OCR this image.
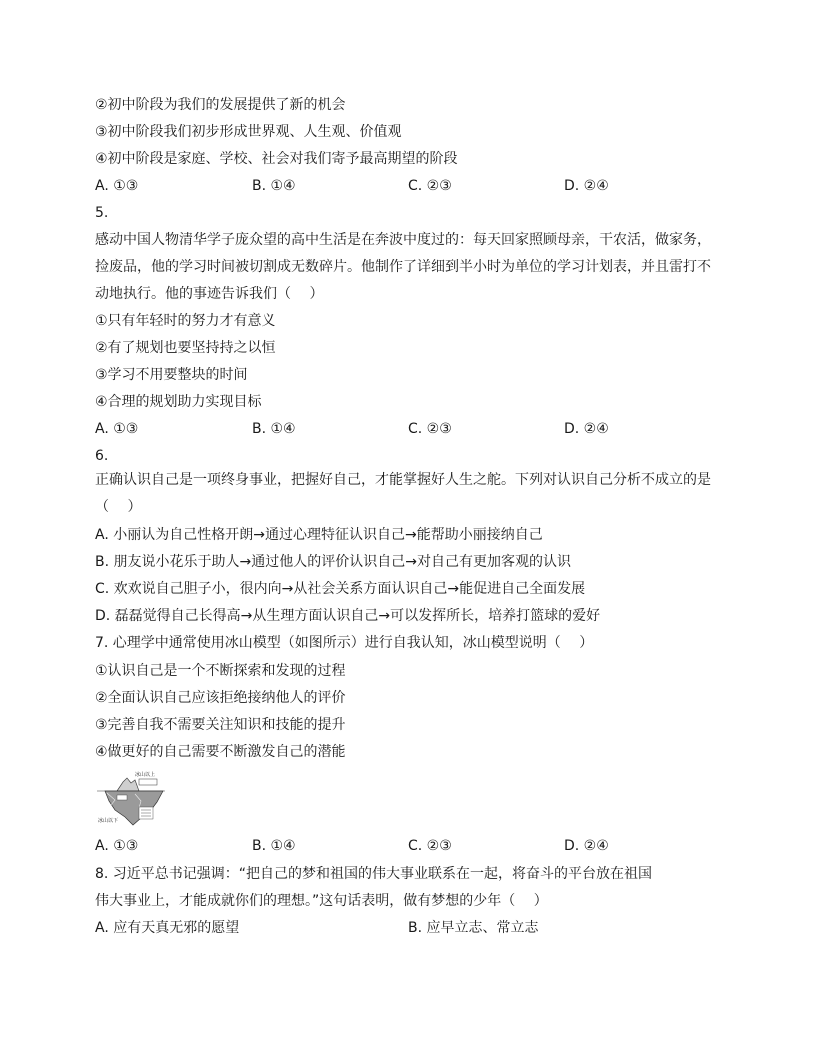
②初中阶段为我们的发展提供了新的机会
③初中阶段我们初步形成世界观、人生观、价值观
④初中阶段是家庭、学校、社会对我们寄予最高期望的阶段
A. ①③	B. ①④	C. ②③	D. ②④
5.
感动中国人物清华学子庞众望的高中生活是在奔波中度过的：每天回家照顾母亲，干农活，做家务，
捡废品，他的学习时间被切割成无数碎片。他制作了详细到半小时为单位的学习计划表，并且雷打不
动地执行。他的事迹告诉我们（　 ）
①只有年轻时的努力才有意义
②有了规划也要坚持持之以恒
③学习不用要整块的时间
④合理的规划助力实现目标
A. ①③	B. ①④	C. ②③	D. ②④
6.
正确认识自己是一项终身事业，把握好自己，才能掌握好人生之舵。下列对认识自己分析不成立的是
（　 ）
A. 小丽认为自己性格开朗→通过心理特征认识自己→能帮助小丽接纳自己
B. 朋友说小花乐于助人→通过他人的评价认识自己→对自己有更加客观的认识
C. 欢欢说自己胆子小，很内向→从社会关系方面认识自己→能促进自己全面发展
D. 磊磊觉得自己长得高→从生理方面认识自己→可以发挥所长，培养打篮球的爱好
7. 心理学中通常使用冰山模型（如图所示）进行自我认知，冰山模型说明（　 ）
①认识自己是一个不断探索和发现的过程
②全面认识自己应该拒绝接纳他人的评价
③完善自我不需要关注知识和技能的提升
④做更好的自己需要不断激发自己的潜能
冰山以上
冰山以下
A. ①③	B. ①④	C. ②③	D. ②④
8. 习近平总书记强调：“把自己的梦和祖国的伟大事业联系在一起，将奋斗的平台放在祖国
伟大事业上，才能成就你们的理想。”这句话表明，做有梦想的少年（　 ）
A. 应有天真无邪的愿望	B. 应早立志、常立志
